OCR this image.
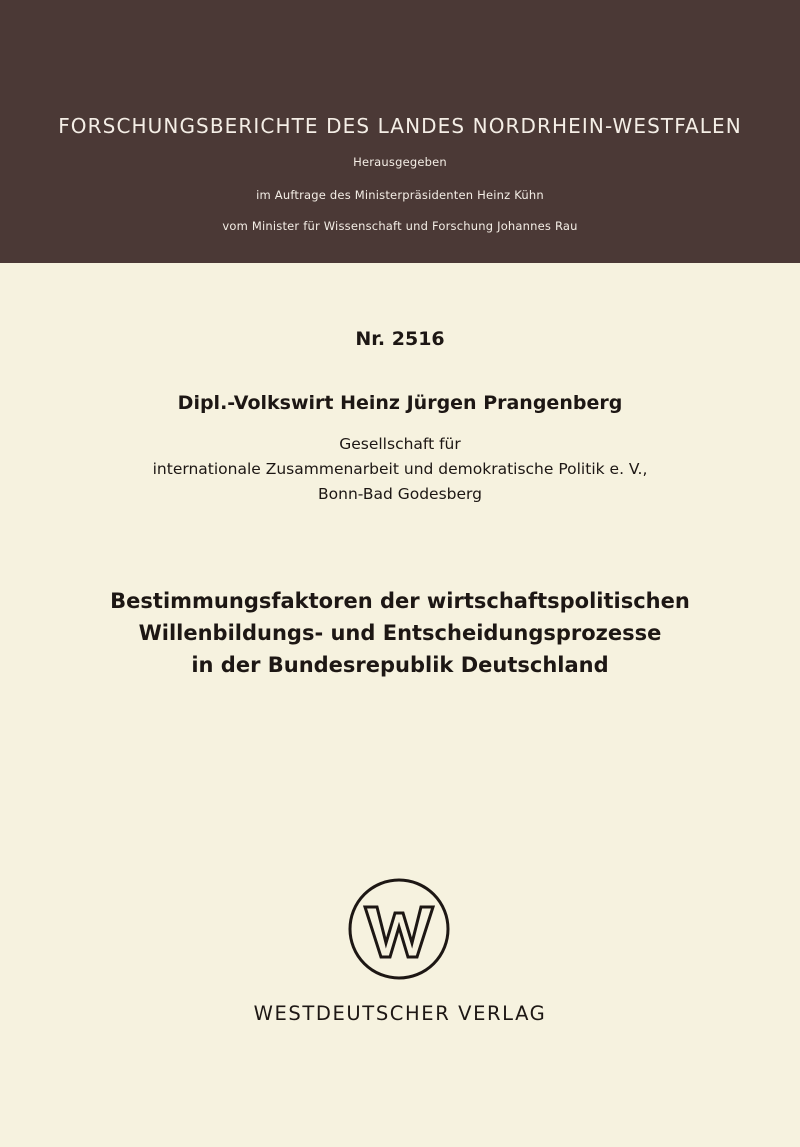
FORSCHUNGSBERICHTE DES LANDES NORDRHEIN-WESTFALEN
Herausgegeben
im Auftrage des Ministerpräsidenten Heinz Kühn
vom Minister für Wissenschaft und Forschung Johannes Rau
Nr. 2516
Dipl.-Volkswirt Heinz Jürgen Prangenberg
Gesellschaft für
internationale Zusammenarbeit und demokratische Politik e. V.,
Bonn-Bad Godesberg
Bestimmungsfaktoren der wirtschaftspolitischen
Willenbildungs- und Entscheidungsprozesse
in der Bundesrepublik Deutschland
WESTDEUTSCHER VERLAG
